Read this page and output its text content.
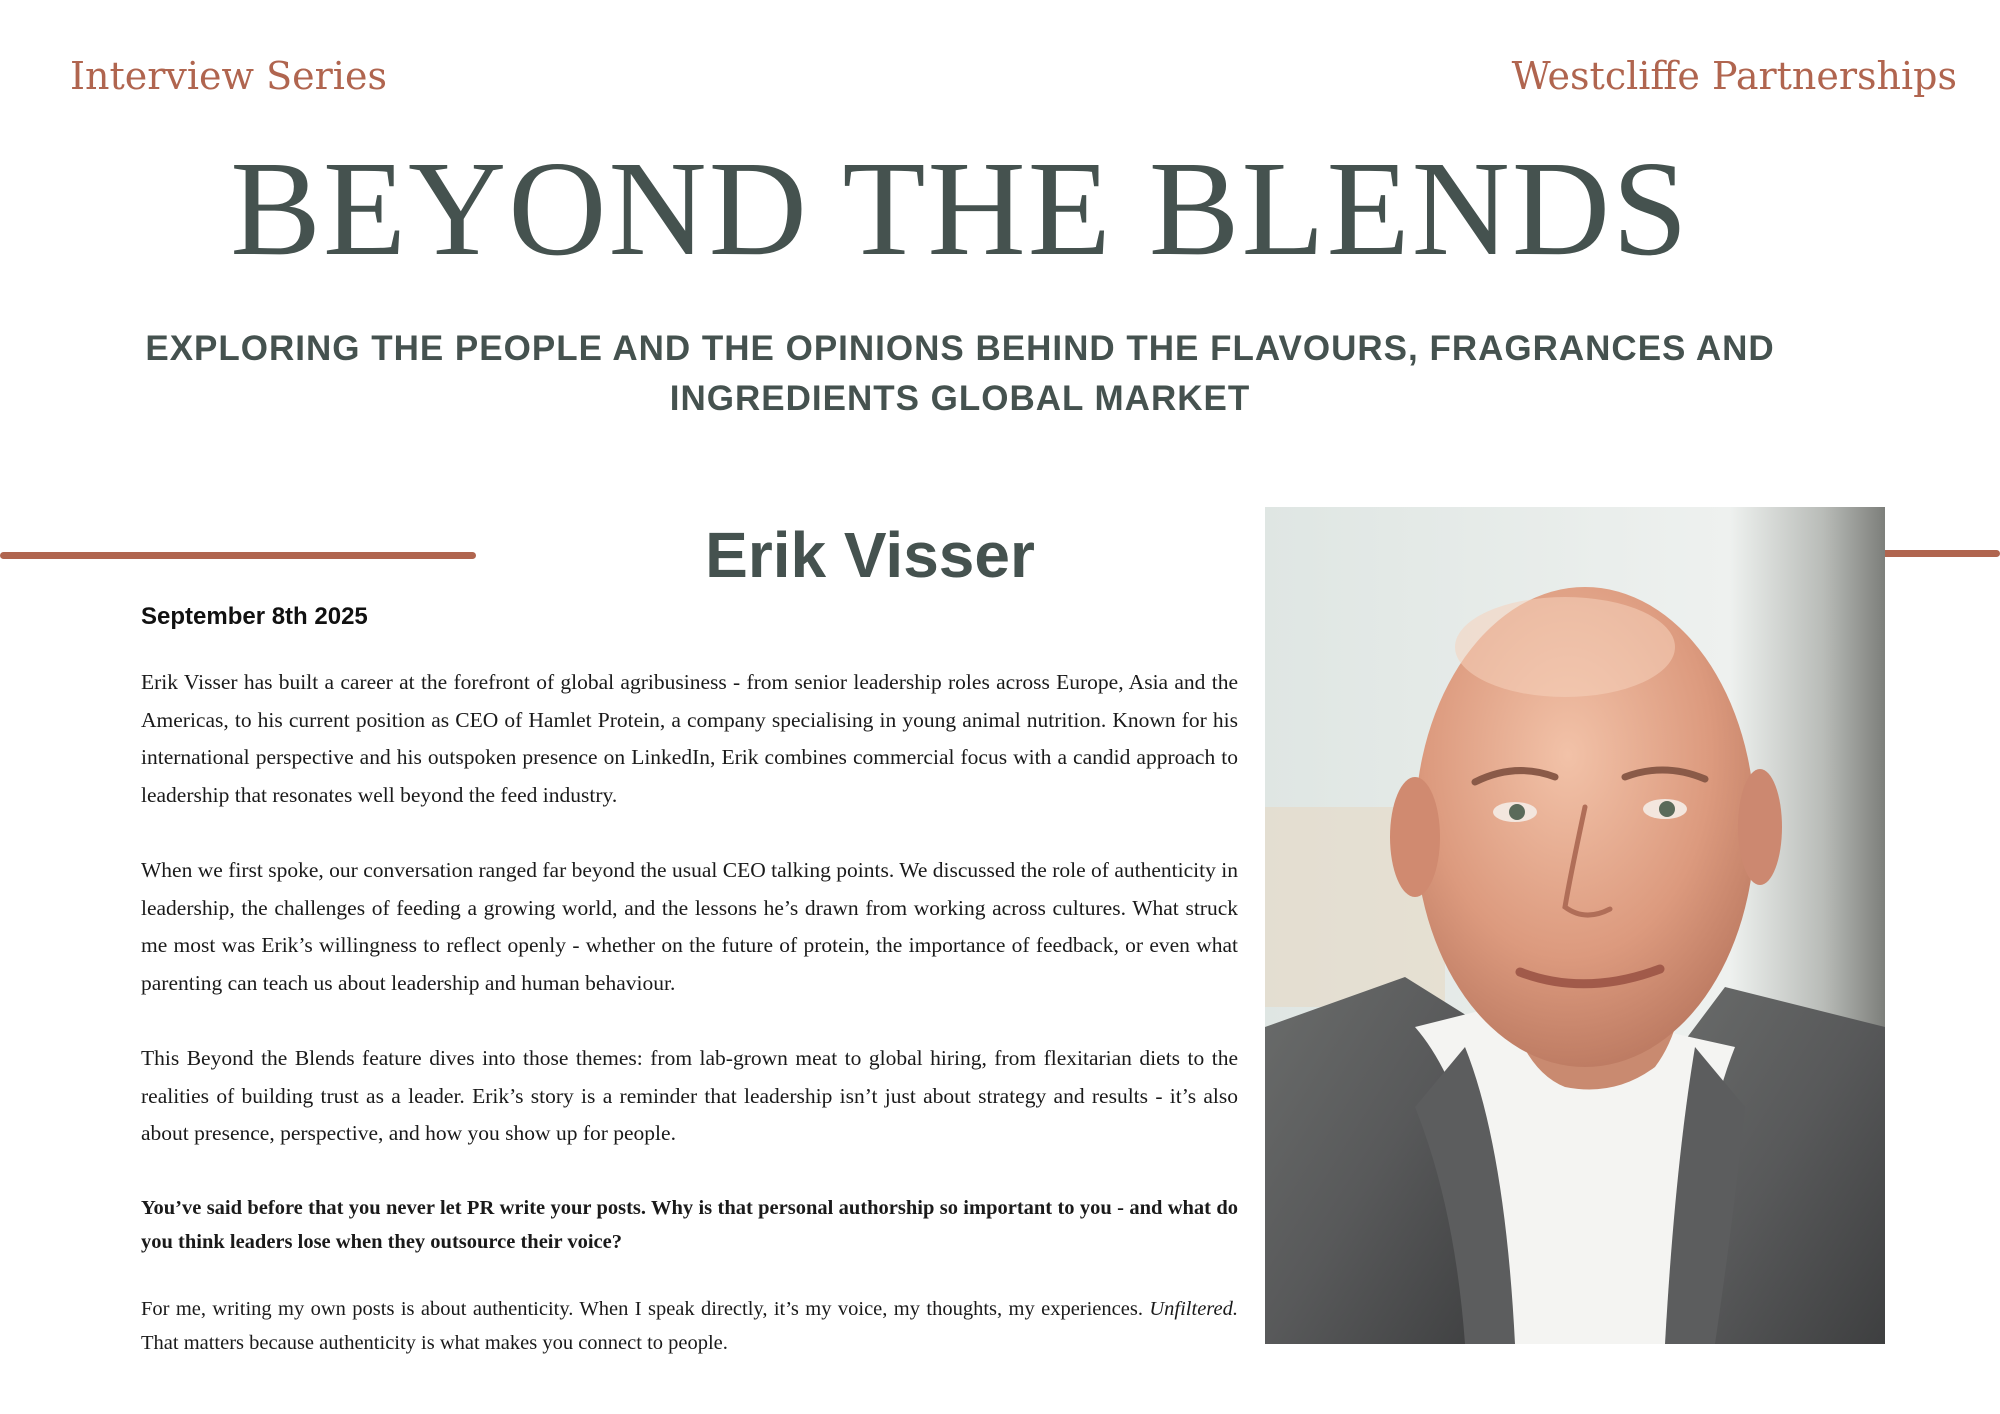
Interview Series	Westcliffe Partnerships
BEYOND THE BLENDS
EXPLORING THE PEOPLE AND THE OPINIONS BEHIND THE FLAVOURS, FRAGRANCES AND INGREDIENTS GLOBAL MARKET
Erik Visser
September 8th 2025

Erik Visser has built a career at the forefront of global agribusiness - from senior leadership roles across Europe, Asia and the Americas, to his current position as CEO of Hamlet Protein, a company specialising in young animal nutrition. Known for his international perspective and his outspoken presence on LinkedIn, Erik combines commercial focus with a candid approach to leadership that resonates well beyond the feed industry.

When we first spoke, our conversation ranged far beyond the usual CEO talking points. We discussed the role of authenticity in leadership, the challenges of feeding a growing world, and the lessons he’s drawn from working across cultures. What struck me most was Erik’s willingness to reflect openly - whether on the future of protein, the importance of feedback, or even what parenting can teach us about leadership and human behaviour.

This Beyond the Blends feature dives into those themes: from lab-grown meat to global hiring, from flexitarian diets to the realities of building trust as a leader. Erik’s story is a reminder that leadership isn’t just about strategy and results - it’s also about presence, perspective, and how you show up for people.

You’ve said before that you never let PR write your posts. Why is that personal authorship so important to you - and what do you think leaders lose when they outsource their voice?

For me, writing my own posts is about authenticity. When I speak directly, it’s my voice, my thoughts, my experiences. Unfiltered. That matters because authenticity is what makes you connect to people.
